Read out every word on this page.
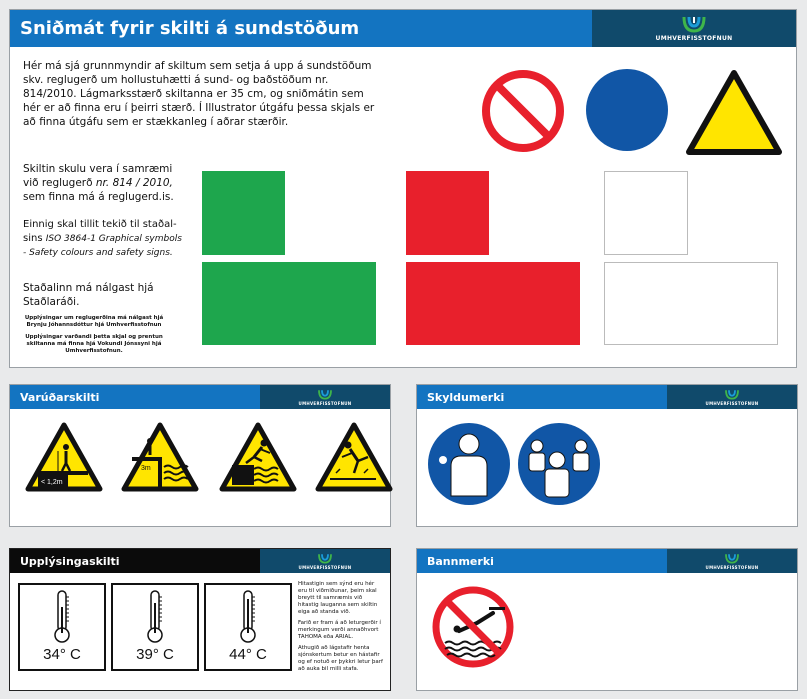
Sniðmát fyrir skilti á sundstöðum	UMHVERFISSTOFNUN
Hér má sjá grunnmyndir af skiltum sem setja á upp á sundstöðum skv. reglugerð um hollustuhætti á sund- og baðstöðum nr. 814/2010. Lágmarksstærð skiltanna er 35 cm, og sniðmátin sem hér er að finna eru í þeirri stærð. Í Illustrator útgáfu þessa skjals er að finna útgáfu sem er stækkanleg í aðrar stærðir.
Skiltin skulu vera í samræmi við reglugerð nr. 814 / 2010, sem finna má á reglugerd.is.
Einnig skal tillit tekið til staðal-sins ISO 3864-1 Graphical symbols - Safety colours and safety signs.
Staðalinn má nálgast hjá Staðlaráði.
Upplýsingar um reglugerðina má nálgast hjá Brynju Jóhannsdóttur hjá Umhverfisstofnun
Upplýsingar varðandi þetta skjal og prentun skiltanna má finna hjá Vokundi Jónssyni hjá Umhverfisstofnun.
Varúðarskilti	UMHVERFISSTOFNUN
< 1,2m
> 3m
Skyldumerki	UMHVERFISSTOFNUN
Upplýsingaskilti	UMHVERFISSTOFNUN
34° C	39° C	44° C

Hitastigin sem sýnd eru hér eru til viðmiðunar, þeim skal breytt til samræmis við hitastig lauganna sem skiltin eiga að standa við.

Farið er fram á að leturgerðir í merkingum verði annaðhvort TAHOMA eða ARIAL.

Athugið að lágstafir henta sjónskertum betur en hástafir og ef notuð er þykkri letur þarf að auka bil milli stafa.

Bannmerki	UMHVERFISSTOFNUN
